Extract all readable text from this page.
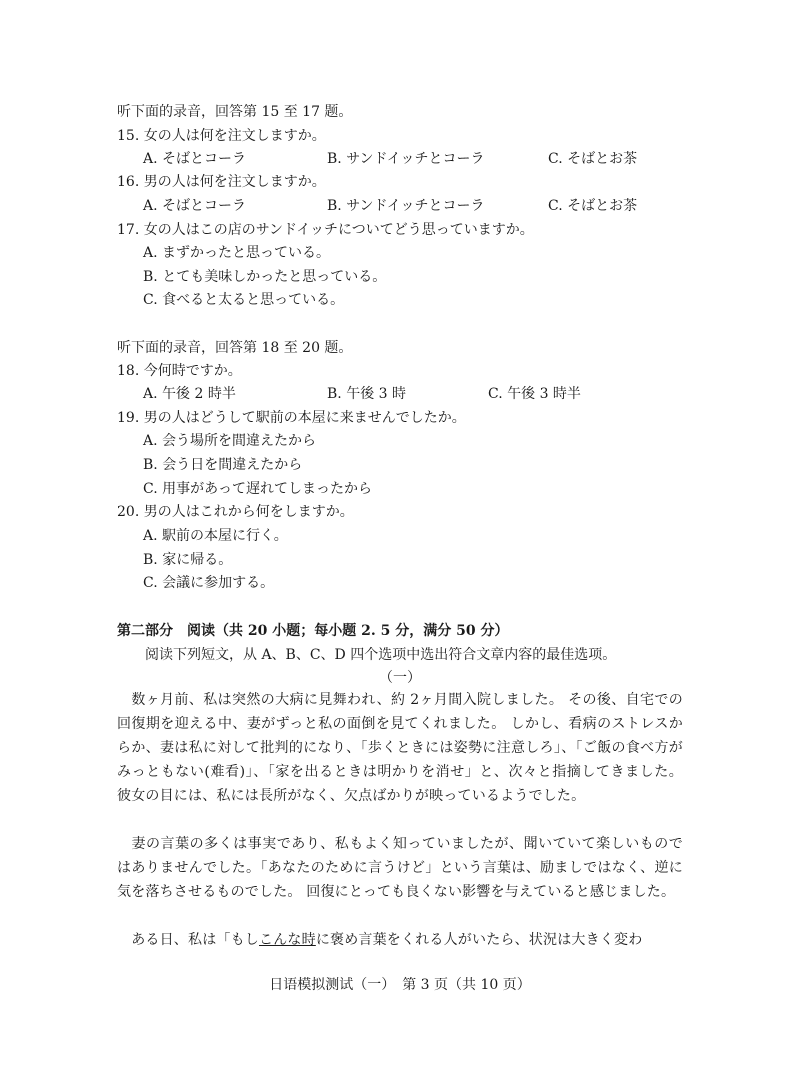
听下面的录音，回答第 15 至 17 题。
15. 女の人は何を注文しますか。
A. そばとコーラ	B. サンドイッチとコーラ	C. そばとお茶
16. 男の人は何を注文しますか。
A. そばとコーラ	B. サンドイッチとコーラ	C. そばとお茶
17. 女の人はこの店のサンドイッチについてどう思っていますか。
A. まずかったと思っている。
B. とても美味しかったと思っている。
C. 食べると太ると思っている。
听下面的录音，回答第 18 至 20 题。
18. 今何時ですか。
A. 午後 2 時半	B. 午後 3 時	C. 午後 3 時半
19. 男の人はどうして駅前の本屋に来ませんでしたか。
A. 会う場所を間違えたから
B. 会う日を間違えたから
C. 用事があって遅れてしまったから
20. 男の人はこれから何をしますか。
A. 駅前の本屋に行く。
B. 家に帰る。
C. 会議に参加する。
第二部分　阅读（共 20 小题；每小题 2. 5 分，满分 50 分）
阅读下列短文，从 A、B、C、D 四个选项中选出符合文章内容的最佳选项。
（一）
　数ヶ月前、私は突然の大病に見舞われ、約 2ヶ月間入院しました。 その後、自宅での回復期を迎える中、妻がずっと私の面倒を見てくれました。 しかし、看病のストレスからか、妻は私に対して批判的になり、「歩くときには姿勢に注意しろ」、「ご飯の食べ方がみっともない(难看)」、「家を出るときは明かりを消せ」と、次々と指摘してきました。 彼女の目には、私には長所がなく、欠点ばかりが映っているようでした。
　妻の言葉の多くは事実であり、私もよく知っていましたが、聞いていて楽しいものではありませんでした。「あなたのために言うけど」という言葉は、励ましではなく、逆に気を落ちさせるものでした。 回復にとっても良くない影響を与えていると感じました。
　ある日、私は「もしこんな時に褒め言葉をくれる人がいたら、状況は大きく変わ
日语模拟测试（一）　第 3 页（共 10 页）
